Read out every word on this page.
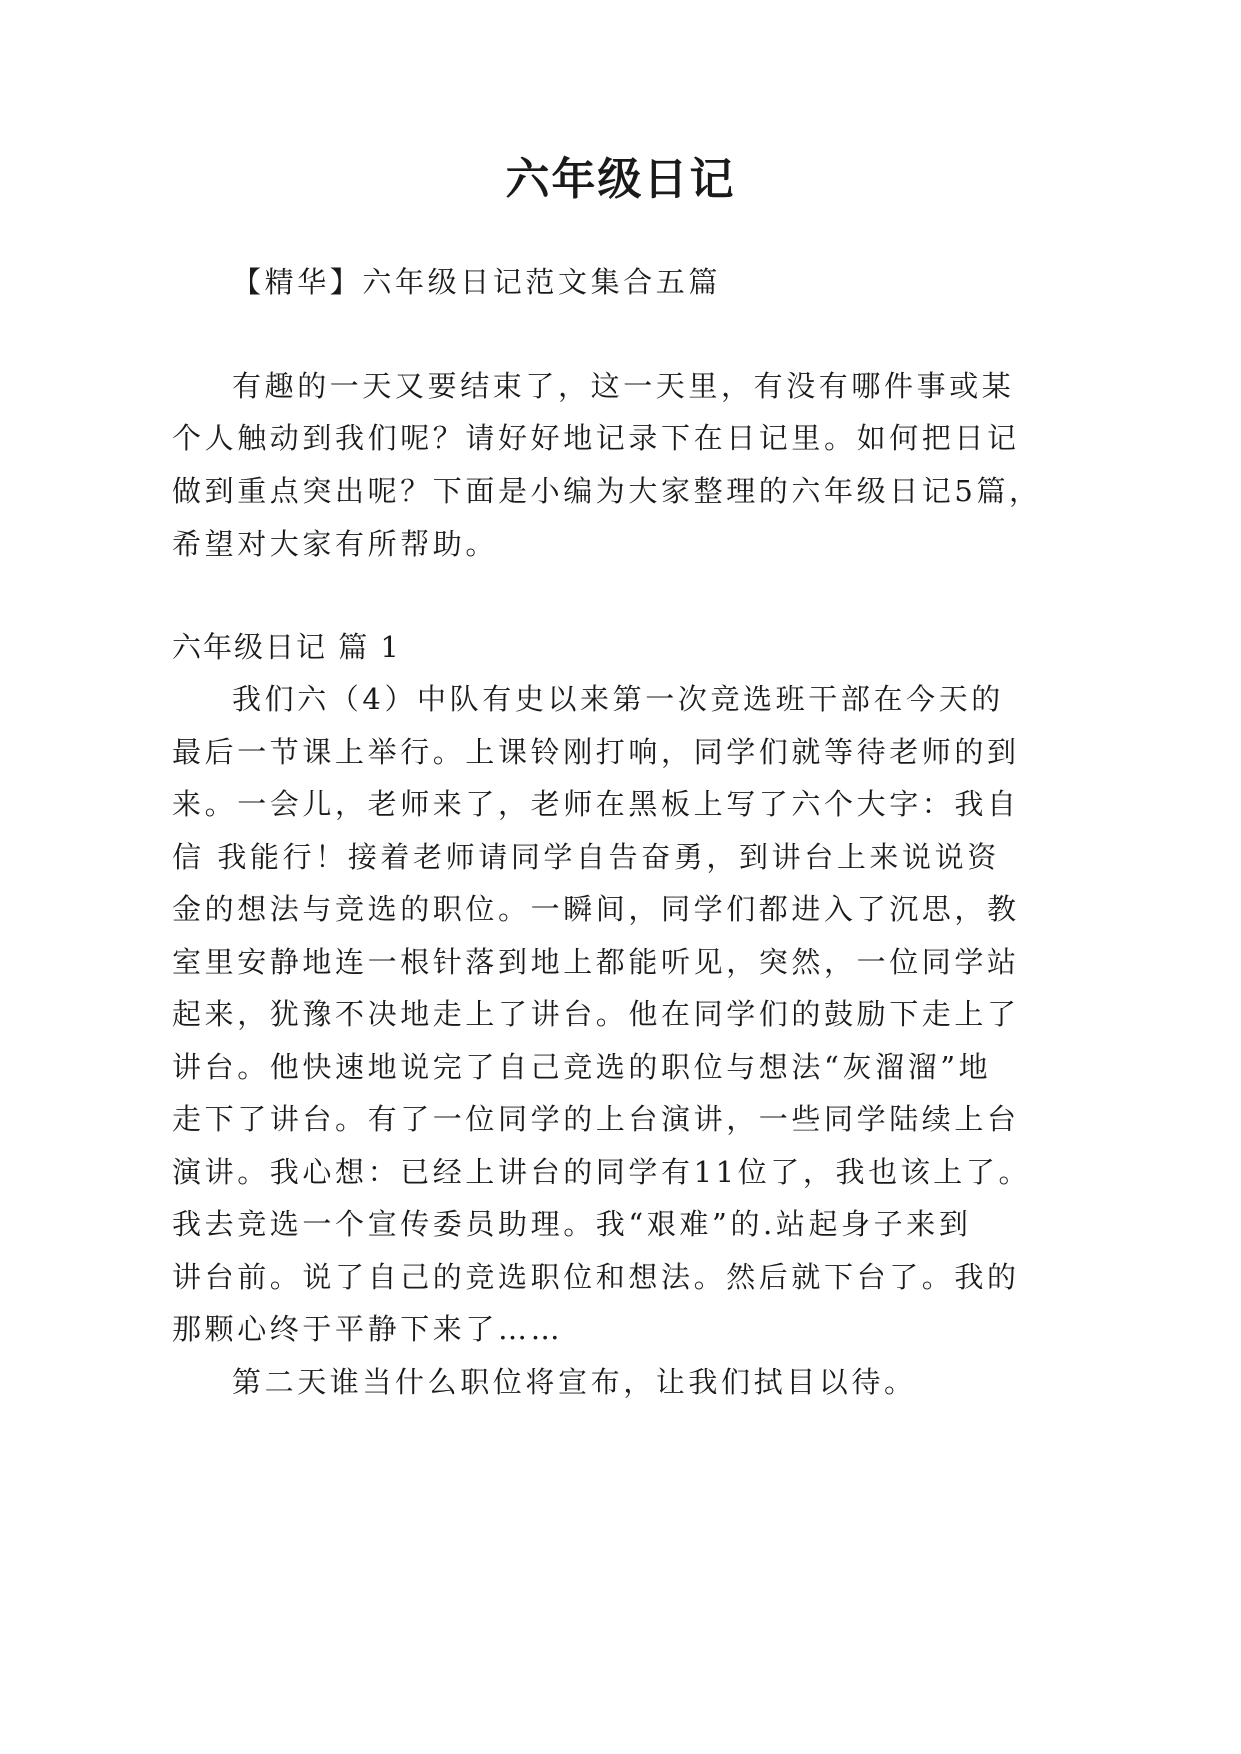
六年级日记

【精华】六年级日记范文集合五篇

有趣的一天又要结束了，这一天里，有没有哪件事或某

个人触动到我们呢？请好好地记录下在日记里。如何把日记

做到重点突出呢？下面是小编为大家整理的六年级日记5篇，

希望对大家有所帮助。

六年级日记 篇 1

我们六（4）中队有史以来第一次竞选班干部在今天的

最后一节课上举行。上课铃刚打响，同学们就等待老师的到

来。一会儿，老师来了，老师在黑板上写了六个大字：我自

信 我能行！接着老师请同学自告奋勇，到讲台上来说说资

金的想法与竞选的职位。一瞬间，同学们都进入了沉思，教

室里安静地连一根针落到地上都能听见，突然，一位同学站

起来，犹豫不决地走上了讲台。他在同学们的鼓励下走上了

讲台。他快速地说完了自己竞选的职位与想法“灰溜溜”地

走下了讲台。有了一位同学的上台演讲，一些同学陆续上台

演讲。我心想：已经上讲台的同学有11位了，我也该上了。

我去竞选一个宣传委员助理。我“艰难”的.站起身子来到

讲台前。说了自己的竞选职位和想法。然后就下台了。我的

那颗心终于平静下来了……

第二天谁当什么职位将宣布，让我们拭目以待。
